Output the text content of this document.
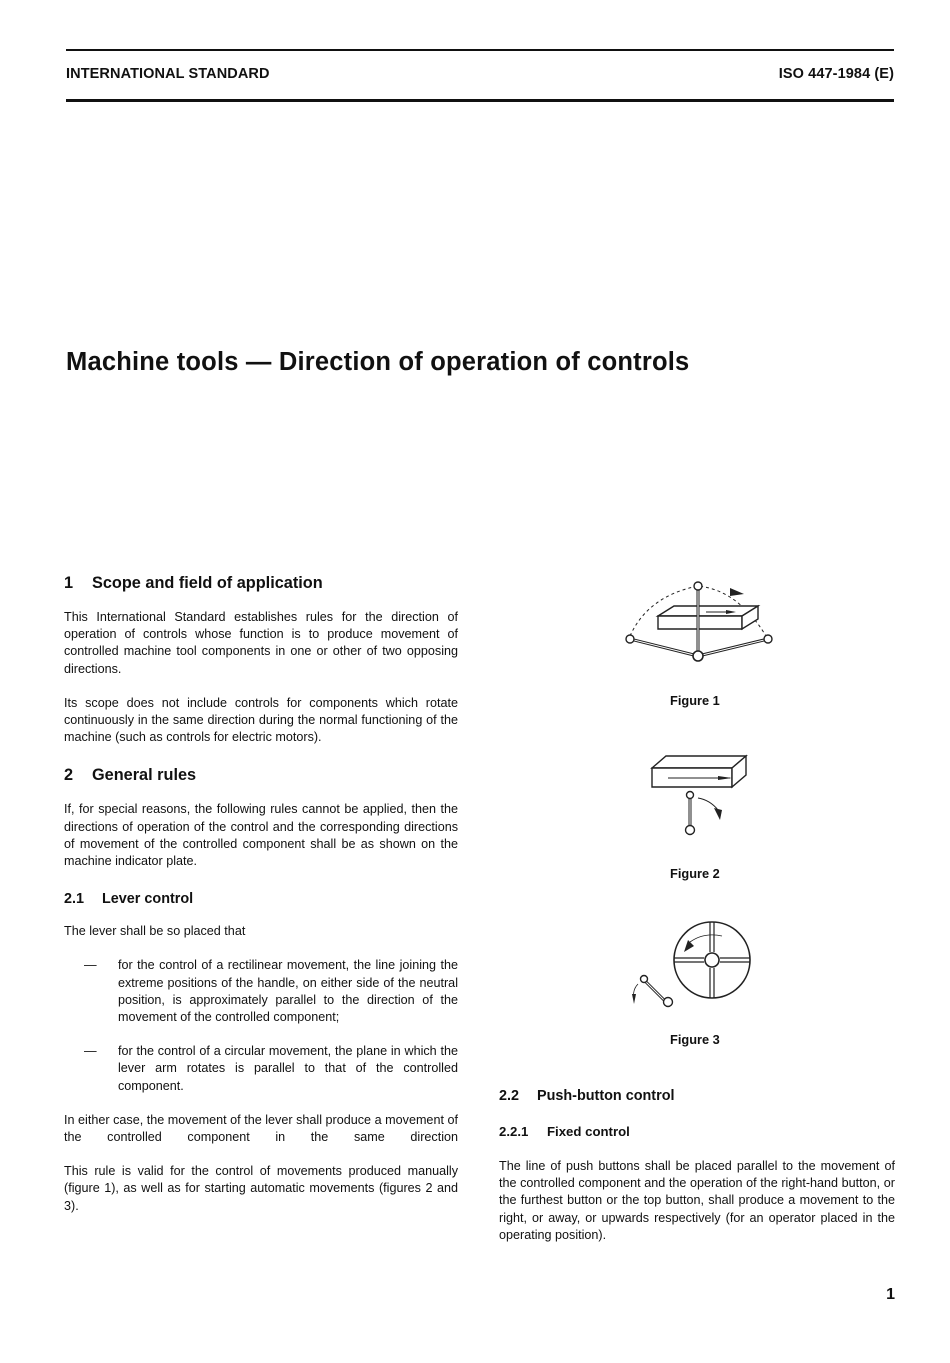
INTERNATIONAL STANDARD	ISO 447-1984 (E)
Machine tools — Direction of operation of controls
1 Scope and field of application

This International Standard establishes rules for the direction of operation of controls whose function is to produce movement of controlled machine tool components in one or other of two opposing directions.

Its scope does not include controls for components which rotate continuously in the same direction during the normal functioning of the machine (such as controls for electric motors).

2 General rules

If, for special reasons, the following rules cannot be applied, then the directions of operation of the control and the corresponding directions of movement of the controlled component shall be as shown on the machine indicator plate.

2.1 Lever control

The lever shall be so placed that

—	for the control of a rectilinear movement, the line joining the extreme positions of the handle, on either side of the neutral position, is approximately parallel to the direction of the movement of the controlled component;

—	for the control of a circular movement, the plane in which the lever arm rotates is parallel to that of the controlled component.

In either case, the movement of the lever shall produce a movement of the controlled component in the same direction

This rule is valid for the control of movements produced manually (figure 1), as well as for starting automatic movements (figures 2 and 3).

Figure 1
Figure 2
Figure 3
2.2 Push-button control
2.2.1 Fixed control

The line of push buttons shall be placed parallel to the movement of the controlled component and the operation of the right-hand button, or the furthest button or the top button, shall produce a movement to the right, or away, or upwards respectively (for an operator placed in the operating position).

1
